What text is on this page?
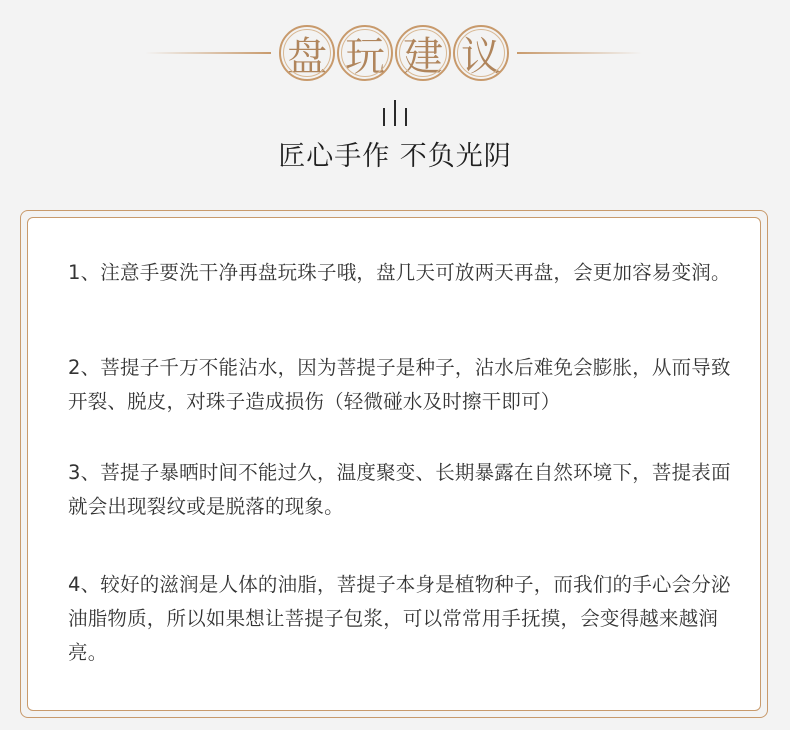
盘 玩 建 议
匠心手作 不负光阴
1、注意手要洗干净再盘玩珠子哦，盘几天可放两天再盘，会更加容易变润。
2、菩提子千万不能沾水，因为菩提子是种子，沾水后难免会膨胀，从而导致开裂、脱皮，对珠子造成损伤（轻微碰水及时擦干即可）
3、菩提子暴晒时间不能过久，温度聚变、长期暴露在自然环境下，菩提表面就会出现裂纹或是脱落的现象。
4、较好的滋润是人体的油脂，菩提子本身是植物种子，而我们的手心会分泌油脂物质，所以如果想让菩提子包浆，可以常常用手抚摸，会变得越来越润亮。
